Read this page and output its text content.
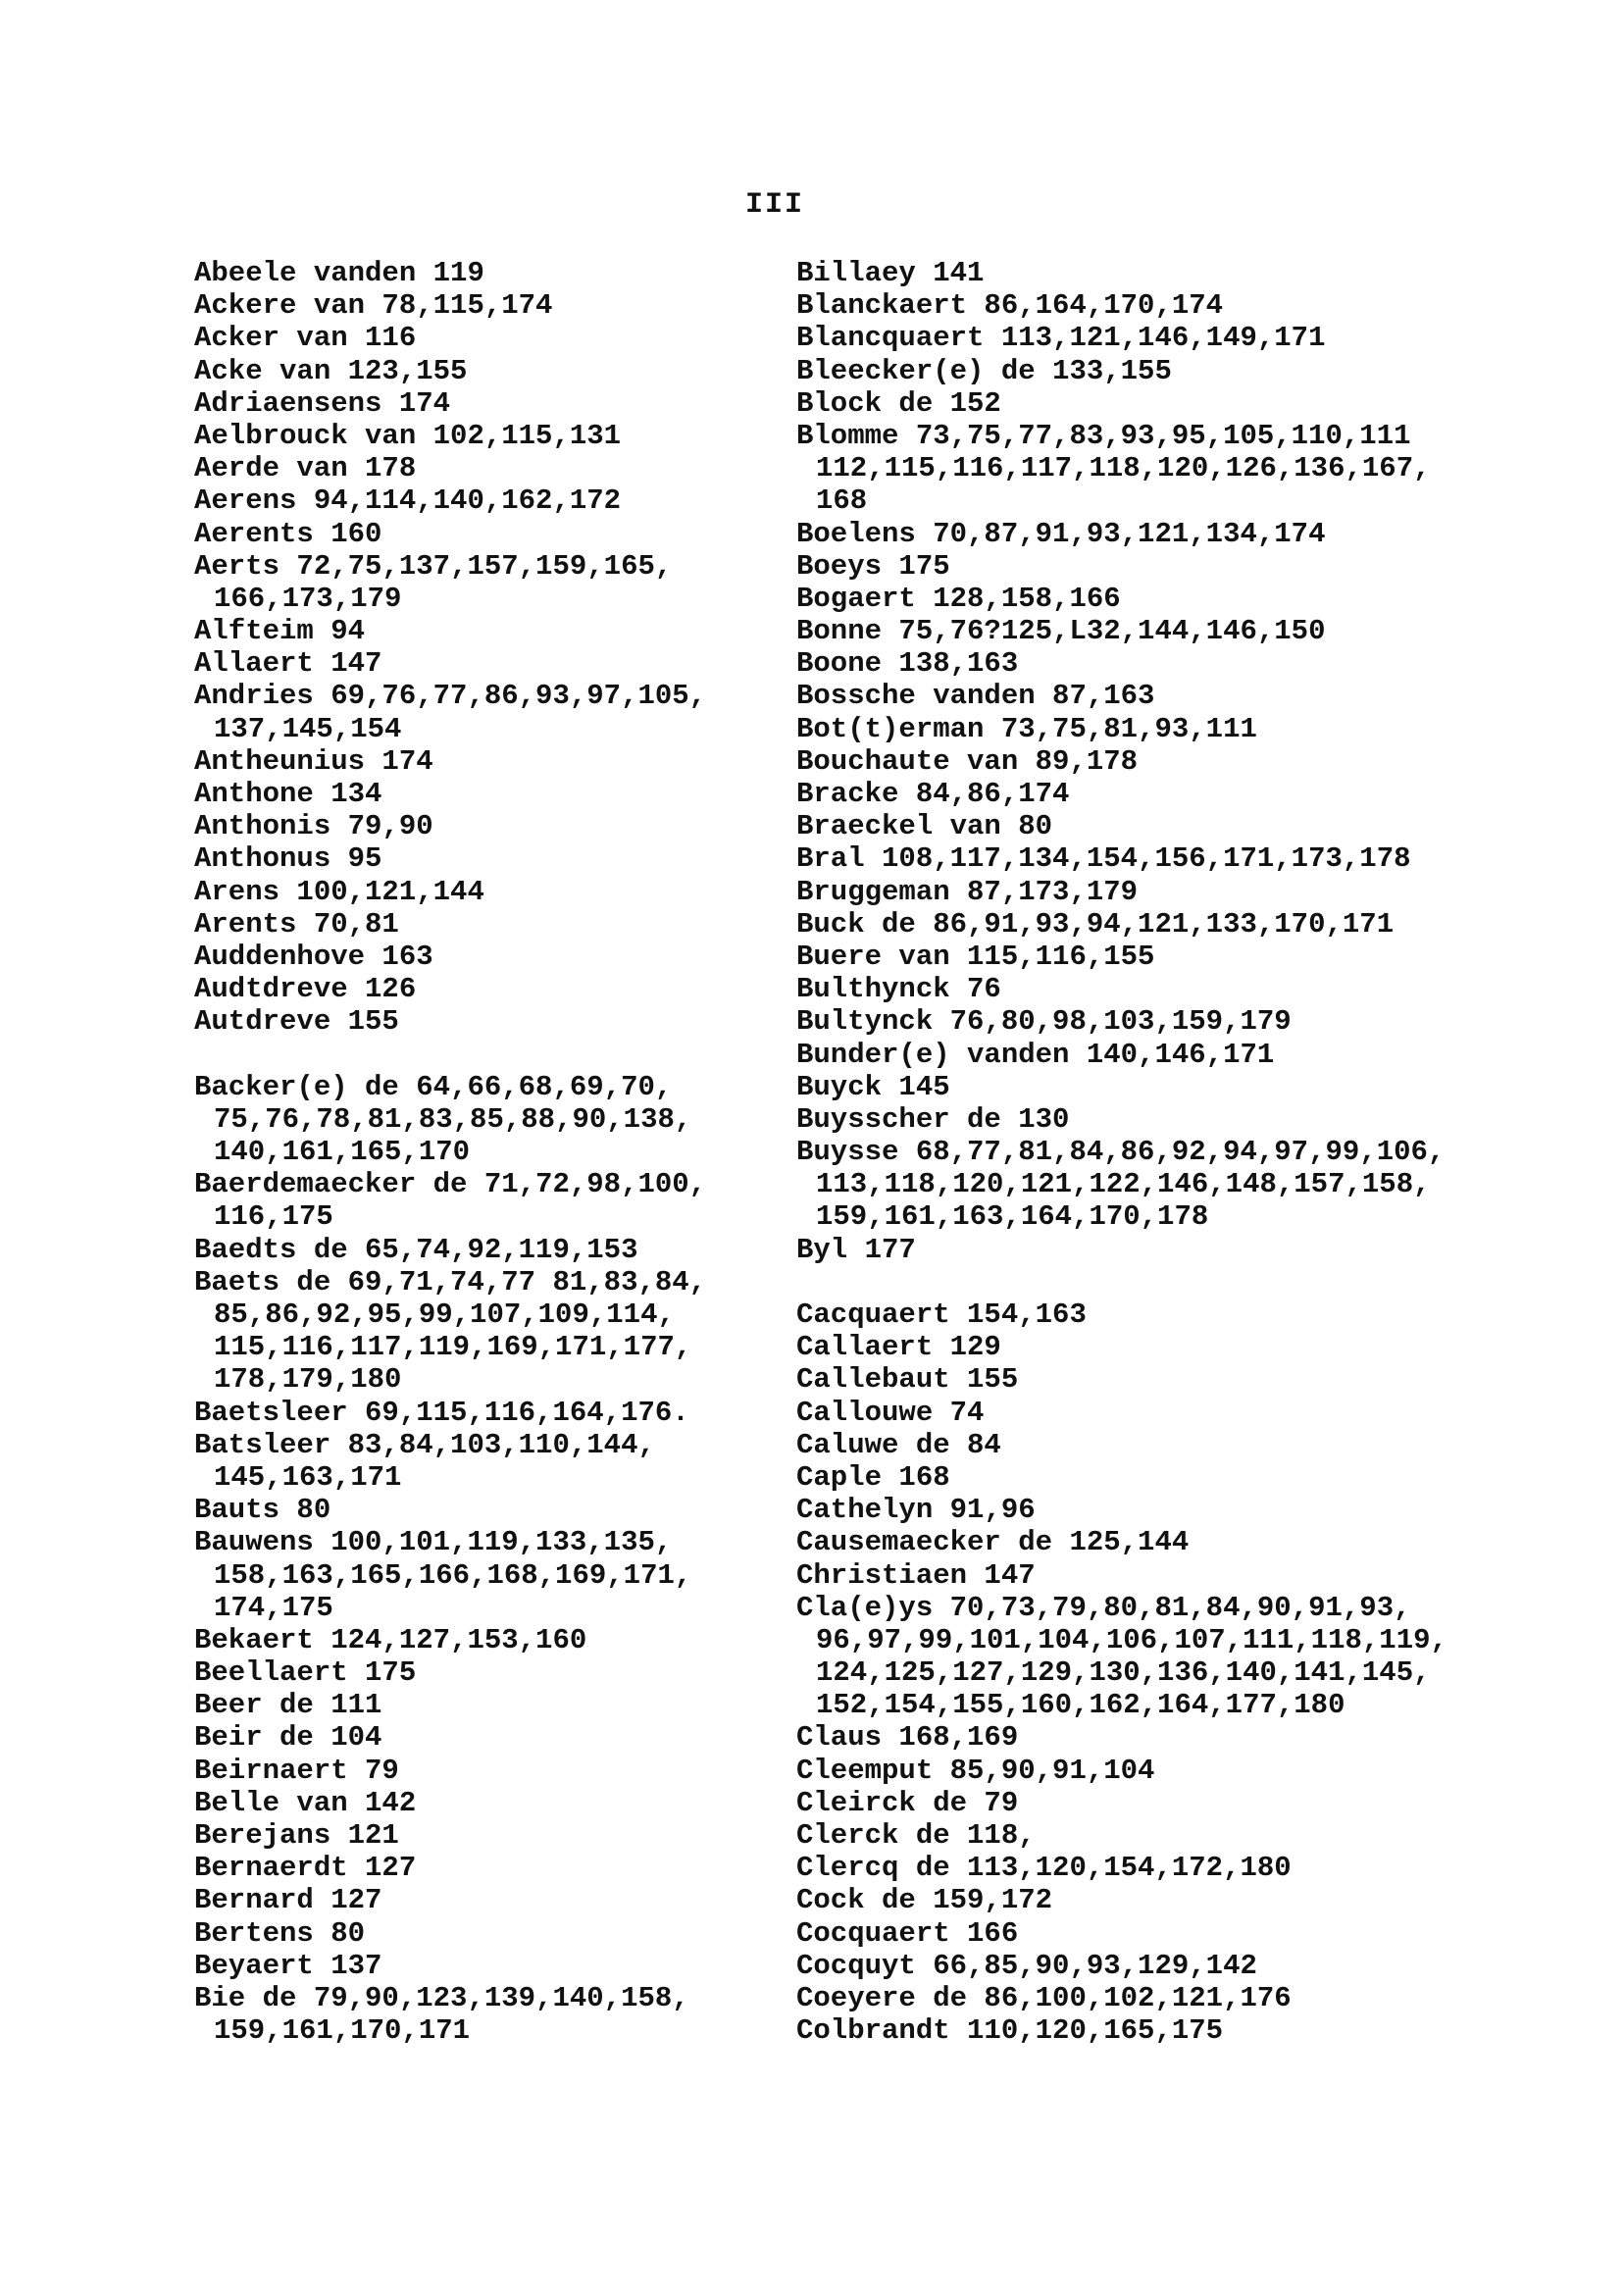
III
Abeele vanden 119
Ackere van 78,115,174
Acker van 116
Acke van 123,155
Adriaensens 174
Aelbrouck van 102,115,131
Aerde van 178
Aerens 94,114,140,162,172
Aerents 160
Aerts 72,75,137,157,159,165,
166,173,179
Alfteim 94
Allaert 147
Andries 69,76,77,86,93,97,105,
137,145,154
Antheunius 174
Anthone 134
Anthonis 79,90
Anthonus 95
Arens 100,121,144
Arents 70,81
Auddenhove 163
Audtdreve 126
Autdreve 155
Backer(e) de 64,66,68,69,70,
75,76,78,81,83,85,88,90,138,
140,161,165,170
Baerdemaecker de 71,72,98,100,
116,175
Baedts de 65,74,92,119,153
Baets de 69,71,74,77 81,83,84,
85,86,92,95,99,107,109,114,
115,116,117,119,169,171,177,
178,179,180
Baetsleer 69,115,116,164,176.
Batsleer 83,84,103,110,144,
145,163,171
Bauts 80
Bauwens 100,101,119,133,135,
158,163,165,166,168,169,171,
174,175
Bekaert 124,127,153,160
Beellaert 175
Beer de 111
Beir de 104
Beirnaert 79
Belle van 142
Berejans 121
Bernaerdt 127
Bernard 127
Bertens 80
Beyaert 137
Bie de 79,90,123,139,140,158,
159,161,170,171
Billaey 141
Blanckaert 86,164,170,174
Blancquaert 113,121,146,149,171
Bleecker(e) de 133,155
Block de 152
Blomme 73,75,77,83,93,95,105,110,111
112,115,116,117,118,120,126,136,167,
168
Boelens 70,87,91,93,121,134,174
Boeys 175
Bogaert 128,158,166
Bonne 75,76?125,L32,144,146,150
Boone 138,163
Bossche vanden 87,163
Bot(t)erman 73,75,81,93,111
Bouchaute van 89,178
Bracke 84,86,174
Braeckel van 80
Bral 108,117,134,154,156,171,173,178
Bruggeman 87,173,179
Buck de 86,91,93,94,121,133,170,171
Buere van 115,116,155
Bulthynck 76
Bultynck 76,80,98,103,159,179
Bunder(e) vanden 140,146,171
Buyck 145
Buysscher de 130
Buysse 68,77,81,84,86,92,94,97,99,106,
113,118,120,121,122,146,148,157,158,
159,161,163,164,170,178
Byl 177
Cacquaert 154,163
Callaert 129
Callebaut 155
Callouwe 74
Caluwe de 84
Caple 168
Cathelyn 91,96
Causemaecker de 125,144
Christiaen 147
Cla(e)ys 70,73,79,80,81,84,90,91,93,
96,97,99,101,104,106,107,111,118,119,
124,125,127,129,130,136,140,141,145,
152,154,155,160,162,164,177,180
Claus 168,169
Cleemput 85,90,91,104
Cleirck de 79
Clerck de 118,
Clercq de 113,120,154,172,180
Cock de 159,172
Cocquaert 166
Cocquyt 66,85,90,93,129,142
Coeyere de 86,100,102,121,176
Colbrandt 110,120,165,175
